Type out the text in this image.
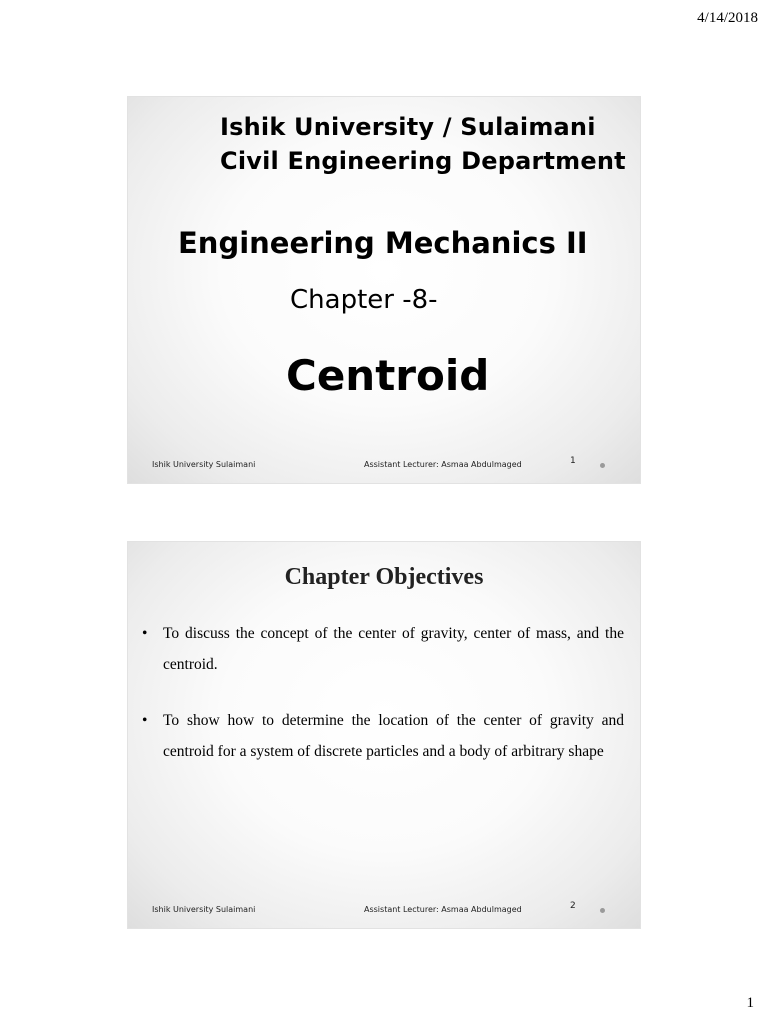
4/14/2018
Ishik University / Sulaimani
Civil Engineering Department
Engineering Mechanics II
Chapter -8-
Centroid
Ishik University Sulaimani	Assistant Lecturer: Asmaa Abdulmaged	1
Chapter Objectives
• To discuss the concept of the center of gravity, center of mass, and the centroid.
• To show how to determine the location of the center of gravity and centroid for a system of discrete particles and a body of arbitrary shape
Ishik University Sulaimani	Assistant Lecturer: Asmaa Abdulmaged	2
1
